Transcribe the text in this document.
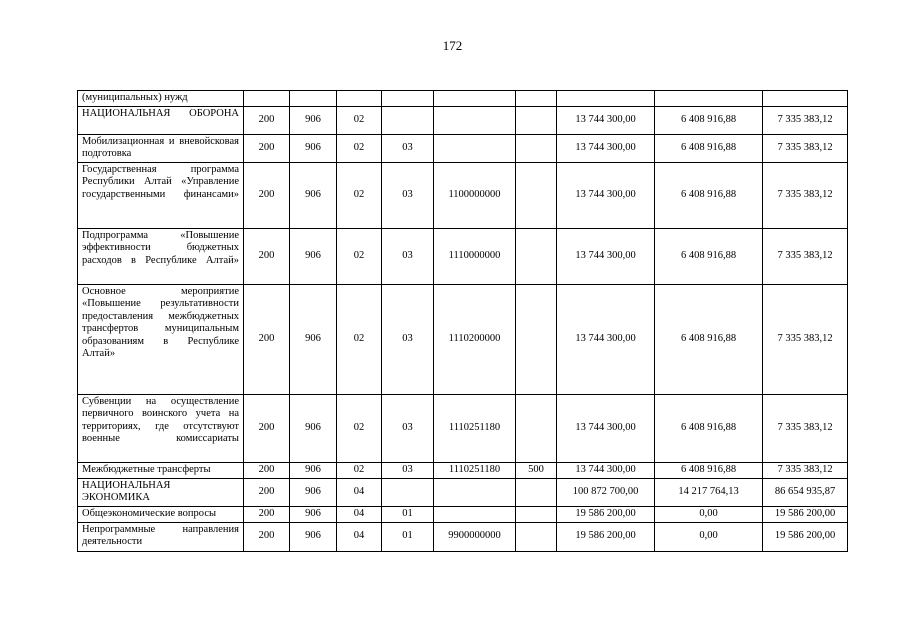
172
(муниципальных) нужд									
НАЦИОНАЛЬНАЯ ОБОРОНА	200	906	02				13 744 300,00	6 408 916,88	7 335 383,12
Мобилизационная и вневойсковая подготовка	200	906	02	03			13 744 300,00	6 408 916,88	7 335 383,12
Государственная программа Республики Алтай «Управление государственными финансами»	200	906	02	03	1100000000		13 744 300,00	6 408 916,88	7 335 383,12
Подпрограмма «Повышение эффективности бюджетных расходов в Республике Алтай»	200	906	02	03	1110000000		13 744 300,00	6 408 916,88	7 335 383,12
Основное мероприятие «Повышение результативности предоставления межбюджетных трансфертов муниципальным образованиям в Республике Алтай»	200	906	02	03	1110200000		13 744 300,00	6 408 916,88	7 335 383,12
Субвенции на осуществление первичного воинского учета на территориях, где отсутствуют военные комиссариаты	200	906	02	03	1110251180		13 744 300,00	6 408 916,88	7 335 383,12
Межбюджетные трансферты	200	906	02	03	1110251180	500	13 744 300,00	6 408 916,88	7 335 383,12
НАЦИОНАЛЬНАЯ ЭКОНОМИКА	200	906	04				100 872 700,00	14 217 764,13	86 654 935,87
Общеэкономические вопросы	200	906	04	01			19 586 200,00	0,00	19 586 200,00
Непрограммные направления деятельности	200	906	04	01	9900000000		19 586 200,00	0,00	19 586 200,00
